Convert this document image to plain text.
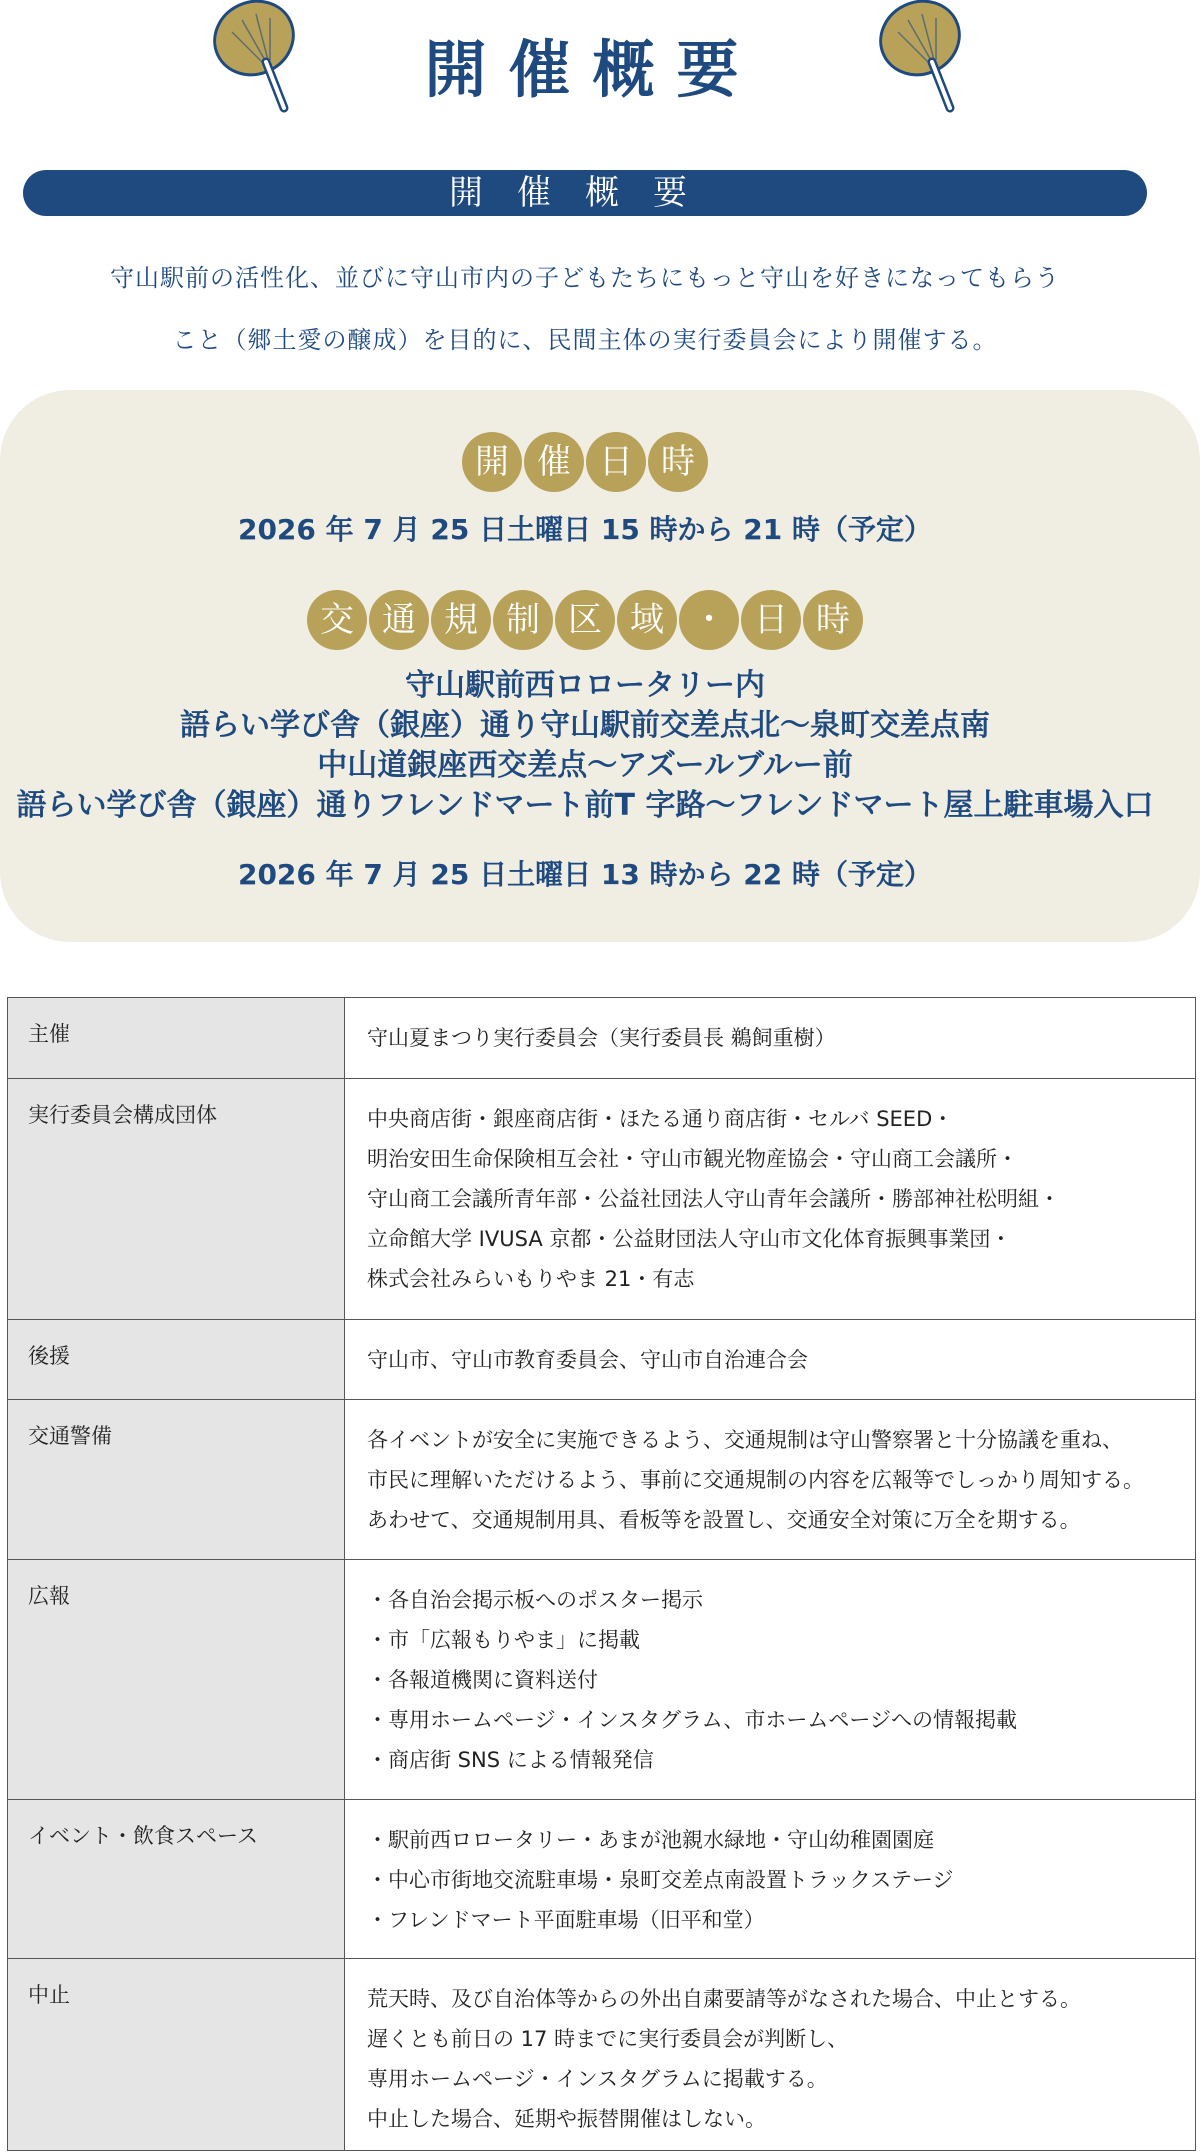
開催概要
開催概要
守山駅前の活性化、並びに守山市内の子どもたちにもっと守山を好きになってもらう
こと（郷土愛の醸成）を目的に、民間主体の実行委員会により開催する。
開 催 日 時
2026 年 7 月 25 日土曜日 15 時から 21 時（予定）
交 通 規 制 区 域 ・ 日 時
守山駅前西ロロータリー内
語らい学び舎（銀座）通り守山駅前交差点北〜泉町交差点南
中山道銀座西交差点〜アズールブルー前
語らい学び舎（銀座）通りフレンドマート前T 字路〜フレンドマート屋上駐車場入口
2026 年 7 月 25 日土曜日 13 時から 22 時（予定）
主催	守山夏まつり実行委員会（実行委員長 鵜飼重樹）

実行委員会構成団体	中央商店街・銀座商店街・ほたる通り商店街・セルバ SEED・
明治安田生命保険相互会社・守山市観光物産協会・守山商工会議所・
守山商工会議所青年部・公益社団法人守山青年会議所・勝部神社松明組・
立命館大学 IVUSA 京都・公益財団法人守山市文化体育振興事業団・
株式会社みらいもりやま 21・有志

後援	守山市、守山市教育委員会、守山市自治連合会

交通警備	各イベントが安全に実施できるよう、交通規制は守山警察署と十分協議を重ね、
市民に理解いただけるよう、事前に交通規制の内容を広報等でしっかり周知する。
あわせて、交通規制用具、看板等を設置し、交通安全対策に万全を期する。

広報	・各自治会掲示板へのポスター掲示
・市「広報もりやま」に掲載
・各報道機関に資料送付
・専用ホームページ・インスタグラム、市ホームページへの情報掲載
・商店街 SNS による情報発信

イベント・飲食スペース	・駅前西ロロータリー・あまが池親水緑地・守山幼稚園園庭
・中心市街地交流駐車場・泉町交差点南設置トラックステージ
・フレンドマート平面駐車場（旧平和堂）

中止	荒天時、及び自治体等からの外出自粛要請等がなされた場合、中止とする。
遅くとも前日の 17 時までに実行委員会が判断し、
専用ホームページ・インスタグラムに掲載する。
中止した場合、延期や振替開催はしない。
